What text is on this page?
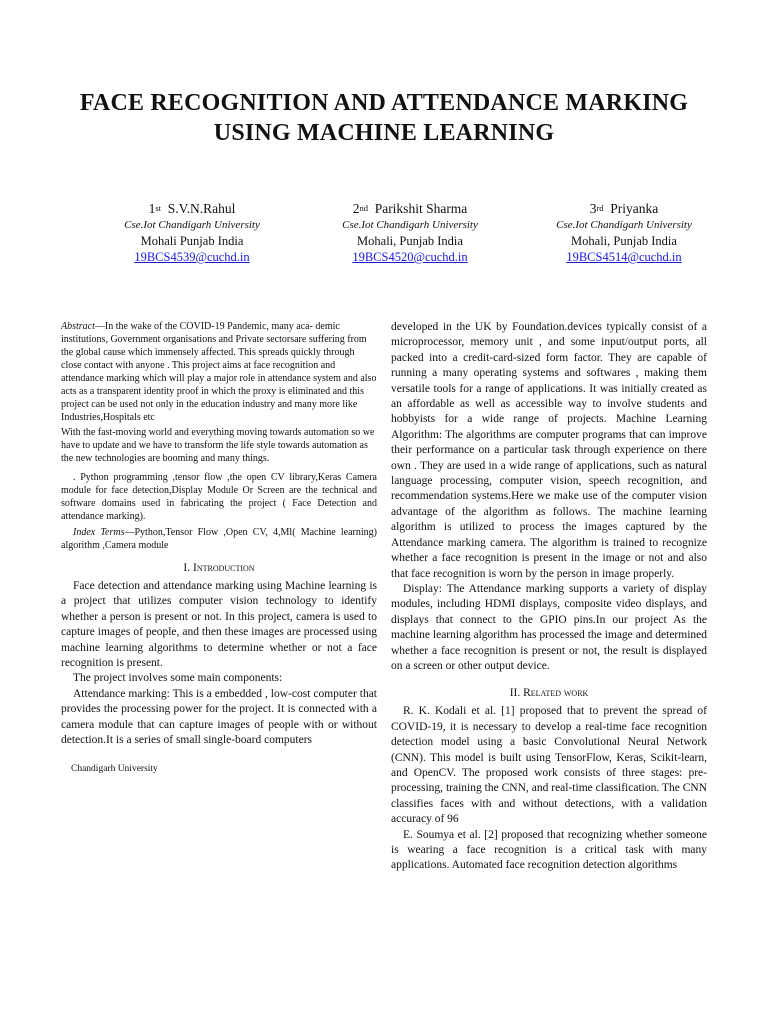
FACE RECOGNITION AND ATTENDANCE MARKING
USING MACHINE LEARNING
1st S.V.N.Rahul
Cse.Iot Chandigarh University
Mohali Punjab India
19BCS4539@cuchd.in
2nd Parikshit Sharma
Cse.Iot Chandigarh University
Mohali, Punjab India
19BCS4520@cuchd.in
3rd Priyanka
Cse.Iot Chandigarh University
Mohali, Punjab India
19BCS4514@cuchd.in

Abstract—In the wake of the COVID-19 Pandemic, many aca- demic institutions, Government organisations and Private sectorsare suffering from the global cause which immensely affected. This spreads quickly through close contact with anyone . This project aims at face recognition and attendance marking which will play a major role in attendance system and also acts as a transparent identity proof in which the proxy is eliminated and this project can be used not only in the education industry and many more like Industries,Hospitals etc

With the fast-moving world and everything moving towards automation so we have to update and we have to transform the life style towards automation as the new technologies are booming and many things.

. Python programming ,tensor flow ,the open CV library,Keras Camera module for face detection,Display Module Or Screen are the technical and software domains used in fabricating the project ( Face Detection and attendance marking).

Index Terms—Python,Tensor Flow ,Open CV, 4,Ml( Machine learning) algorithm ,Camera module

I. Introduction

Face detection and attendance marking using Machine learning is a project that utilizes computer vision technology to identify whether a person is present or not. In this project, camera is used to capture images of people, and then these images are processed using machine learning algorithms to determine whether or not a face recognition is present.

The project involves some main components:

Attendance marking: This is a embedded , low-cost computer that provides the processing power for the project. It is connected with a camera module that can capture images of people with or without detection.It is a series of small single-board computers

Chandigarh University

developed in the UK by Foundation.devices typically consist of a microprocessor, memory unit , and some input/output ports, all packed into a credit-card-sized form factor. They are capable of running a many operating systems and softwares , making them versatile tools for a range of applications. It was initially created as an affordable as well as accessible way to involve students and hobbyists for a wide range of projects. Machine Learning Algorithm: The algorithms are computer programs that can improve their performance on a particular task through experience on there own . They are used in a wide range of applications, such as natural language processing, computer vision, speech recognition, and recommendation systems.Here we make use of the computer vision advantage of the algorithm as follows. The machine learning algorithm is utilized to process the images captured by the Attendance marking camera. The algorithm is trained to recognize whether a face recognition is present in the image or not and also that face recognition is worn by the person in image properly.

Display: The Attendance marking supports a variety of display modules, including HDMI displays, composite video displays, and displays that connect to the GPIO pins.In our project As the machine learning algorithm has processed the image and determined whether a face recognition is present or not, the result is displayed on a screen or other output device.

II. Related work

R. K. Kodali et al. [1] proposed that to prevent the spread of COVID-19, it is necessary to develop a real-time face recognition detection model using a basic Convolutional Neural Network (CNN). This model is built using TensorFlow, Keras, Scikit-learn, and OpenCV. The proposed work consists of three stages: pre-processing, training the CNN, and real-time classification. The CNN classifies faces with and without detections, with a validation accuracy of 96

E. Soumya et al. [2] proposed that recognizing whether someone is wearing a face recognition is a critical task with many applications. Automated face recognition detection algorithms
